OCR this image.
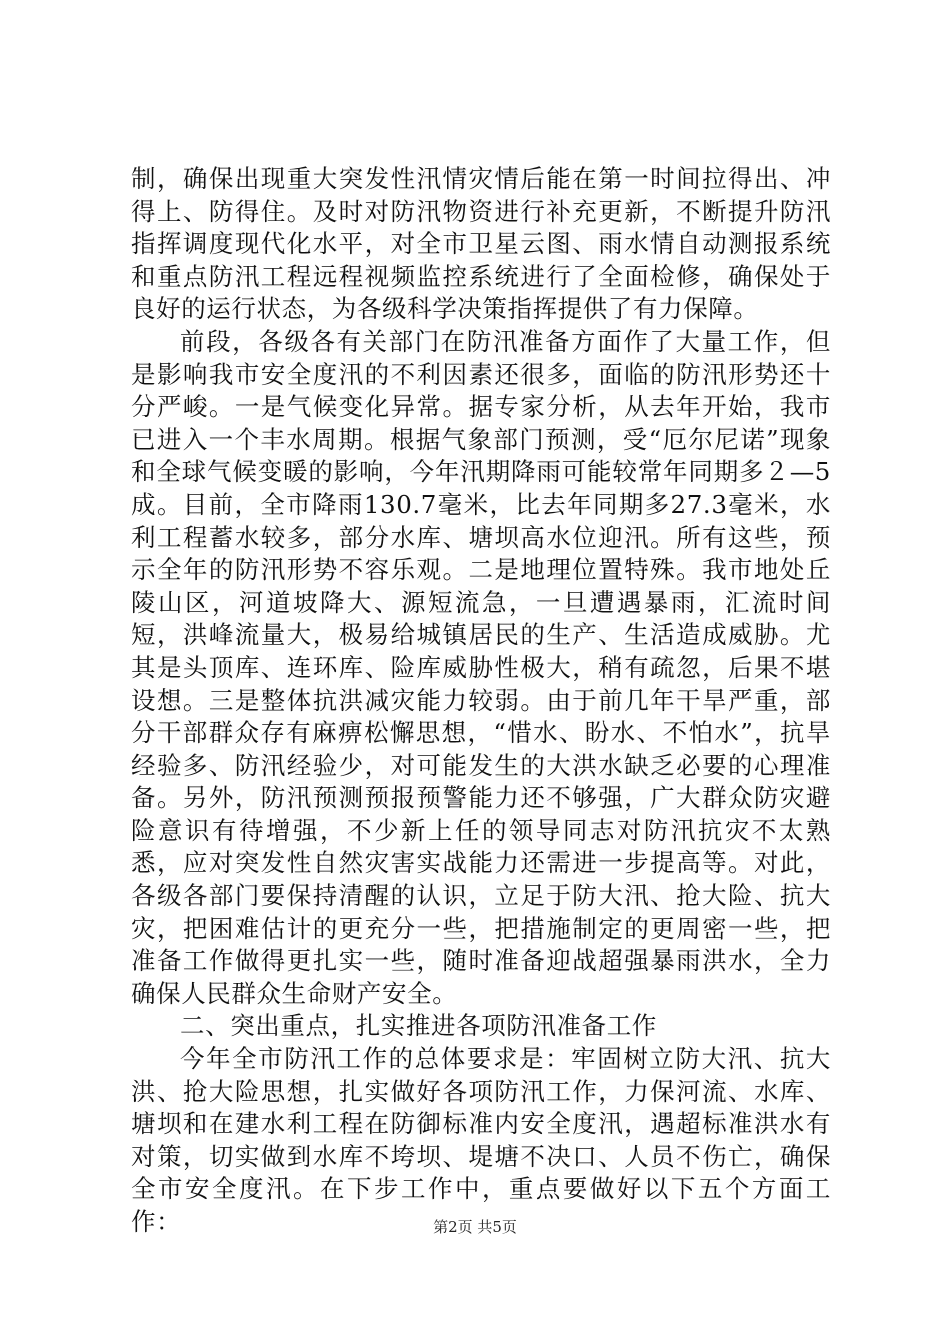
制，确保出现重大突发性汛情灾情后能在第一时间拉得出、冲得上、防得住。及时对防汛物资进行补充更新，不断提升防汛指挥调度现代化水平，对全市卫星云图、雨水情自动测报系统和重点防汛工程远程视频监控系统进行了全面检修，确保处于良好的运行状态，为各级科学决策指挥提供了有力保障。

前段，各级各有关部门在防汛准备方面作了大量工作，但是影响我市安全度汛的不利因素还很多，面临的防汛形势还十分严峻。一是气候变化异常。据专家分析，从去年开始，我市已进入一个丰水周期。根据气象部门预测，受“厄尔尼诺”现象和全球气候变暖的影响，今年汛期降雨可能较常年同期多２—5成。目前，全市降雨130.7毫米，比去年同期多27.3毫米，水利工程蓄水较多，部分水库、塘坝高水位迎汛。所有这些，预示全年的防汛形势不容乐观。二是地理位置特殊。我市地处丘陵山区，河道坡降大、源短流急，一旦遭遇暴雨，汇流时间短，洪峰流量大，极易给城镇居民的生产、生活造成威胁。尤其是头顶库、连环库、险库威胁性极大，稍有疏忽，后果不堪设想。三是整体抗洪减灾能力较弱。由于前几年干旱严重，部分干部群众存有麻痹松懈思想，“惜水、盼水、不怕水”，抗旱经验多、防汛经验少，对可能发生的大洪水缺乏必要的心理准备。另外，防汛预测预报预警能力还不够强，广大群众防灾避险意识有待增强，不少新上任的领导同志对防汛抗灾不太熟悉，应对突发性自然灾害实战能力还需进一步提高等。对此，各级各部门要保持清醒的认识，立足于防大汛、抢大险、抗大灾，把困难估计的更充分一些，把措施制定的更周密一些，把准备工作做得更扎实一些，随时准备迎战超强暴雨洪水，全力确保人民群众生命财产安全。

二、突出重点，扎实推进各项防汛准备工作

今年全市防汛工作的总体要求是：牢固树立防大汛、抗大洪、抢大险思想，扎实做好各项防汛工作，力保河流、水库、塘坝和在建水利工程在防御标准内安全度汛，遇超标准洪水有对策，切实做到水库不垮坝、堤塘不决口、人员不伤亡，确保全市安全度汛。在下步工作中，重点要做好以下五个方面工作：	第2页 共5页
